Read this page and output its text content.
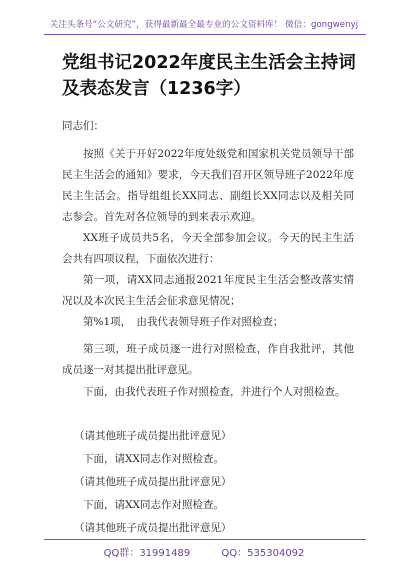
关注头条号“公文研究”，获得最新最全最专业的公文资料库！ 微信：gongwenyj
党组书记2022年度民主生活会主持词及表态发言（1236字）

同志们：

按照《关于开好2022年度处级党和国家机关党员领导干部民主生活会的通知》要求，今天我们召开区领导班子2022年度民主生活会。指导组组长XX同志、副组长XX同志以及相关同志参会。首先对各位领导的到来表示欢迎。

XX班子成员共5名，今天全部参加会议。今天的民主生活会共有四项议程，下面依次进行：

第一项，请XX同志通报2021年度民主生活会整改落实情况以及本次民主生活会征求意见情况；

第%1项，　由我代表领导班子作对照检查；

第三项，班子成员逐一进行对照检查，作自我批评，其他成员逐一对其提出批评意见。

下面，由我代表班子作对照检查，并进行个人对照检查。

（请其他班子成员提出批评意见）

下面，请XX同志作对照检查。

（请其他班子成员提出批评意见）

下面，请XX同志作对照检查。

（请其他班子成员提出批评意见）

QQ群：31991489	QQ：535304092
